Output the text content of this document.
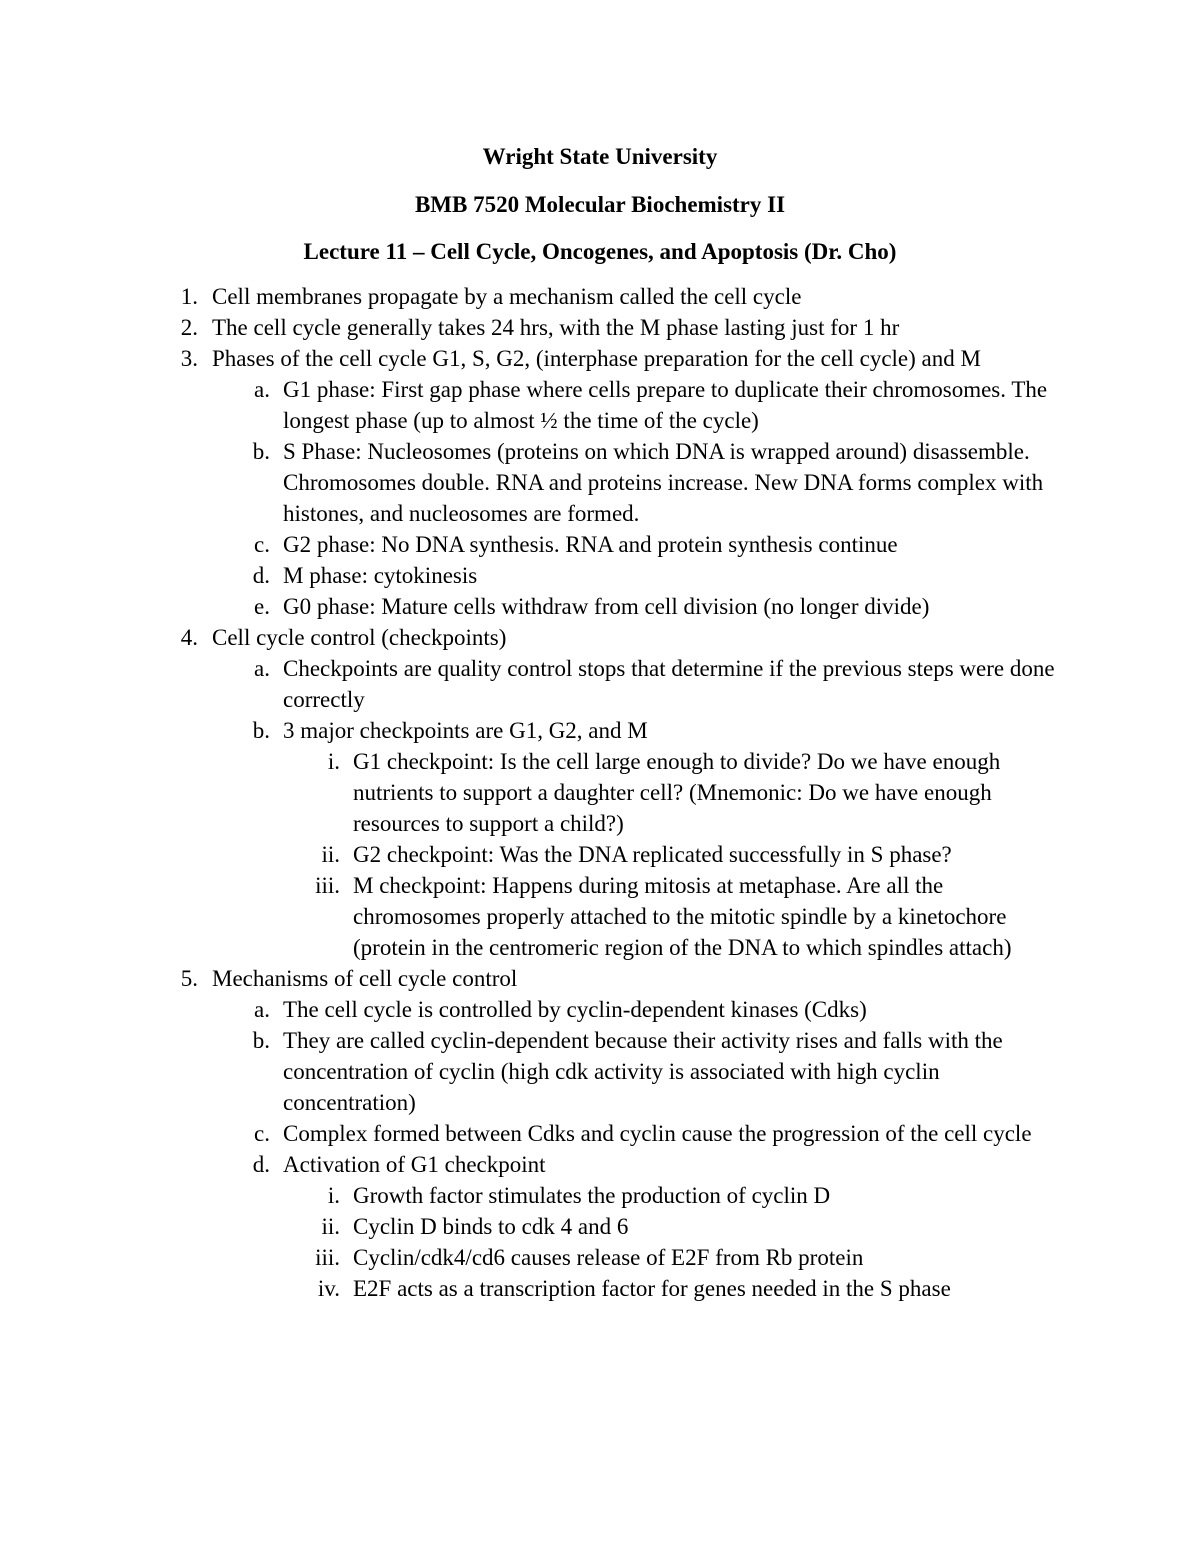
Wright State University
BMB 7520 Molecular Biochemistry II
Lecture 11 – Cell Cycle, Oncogenes, and Apoptosis (Dr. Cho)
1. Cell membranes propagate by a mechanism called the cell cycle
2. The cell cycle generally takes 24 hrs, with the M phase lasting just for 1 hr
3. Phases of the cell cycle G1, S, G2, (interphase preparation for the cell cycle) and M
a. G1 phase: First gap phase where cells prepare to duplicate their chromosomes. The longest phase (up to almost ½ the time of the cycle)
b. S Phase: Nucleosomes (proteins on which DNA is wrapped around) disassemble. Chromosomes double. RNA and proteins increase. New DNA forms complex with histones, and nucleosomes are formed.
c. G2 phase: No DNA synthesis. RNA and protein synthesis continue
d. M phase: cytokinesis
e. G0 phase: Mature cells withdraw from cell division (no longer divide)
4. Cell cycle control (checkpoints)
a. Checkpoints are quality control stops that determine if the previous steps were done correctly
b. 3 major checkpoints are G1, G2, and M
i. G1 checkpoint: Is the cell large enough to divide? Do we have enough nutrients to support a daughter cell? (Mnemonic: Do we have enough resources to support a child?)
ii. G2 checkpoint: Was the DNA replicated successfully in S phase?
iii. M checkpoint: Happens during mitosis at metaphase. Are all the chromosomes properly attached to the mitotic spindle by a kinetochore (protein in the centromeric region of the DNA to which spindles attach)
5. Mechanisms of cell cycle control
a. The cell cycle is controlled by cyclin-dependent kinases (Cdks)
b. They are called cyclin-dependent because their activity rises and falls with the concentration of cyclin (high cdk activity is associated with high cyclin concentration)
c. Complex formed between Cdks and cyclin cause the progression of the cell cycle
d. Activation of G1 checkpoint
i. Growth factor stimulates the production of cyclin D
ii. Cyclin D binds to cdk 4 and 6
iii. Cyclin/cdk4/cd6 causes release of E2F from Rb protein
iv. E2F acts as a transcription factor for genes needed in the S phase
